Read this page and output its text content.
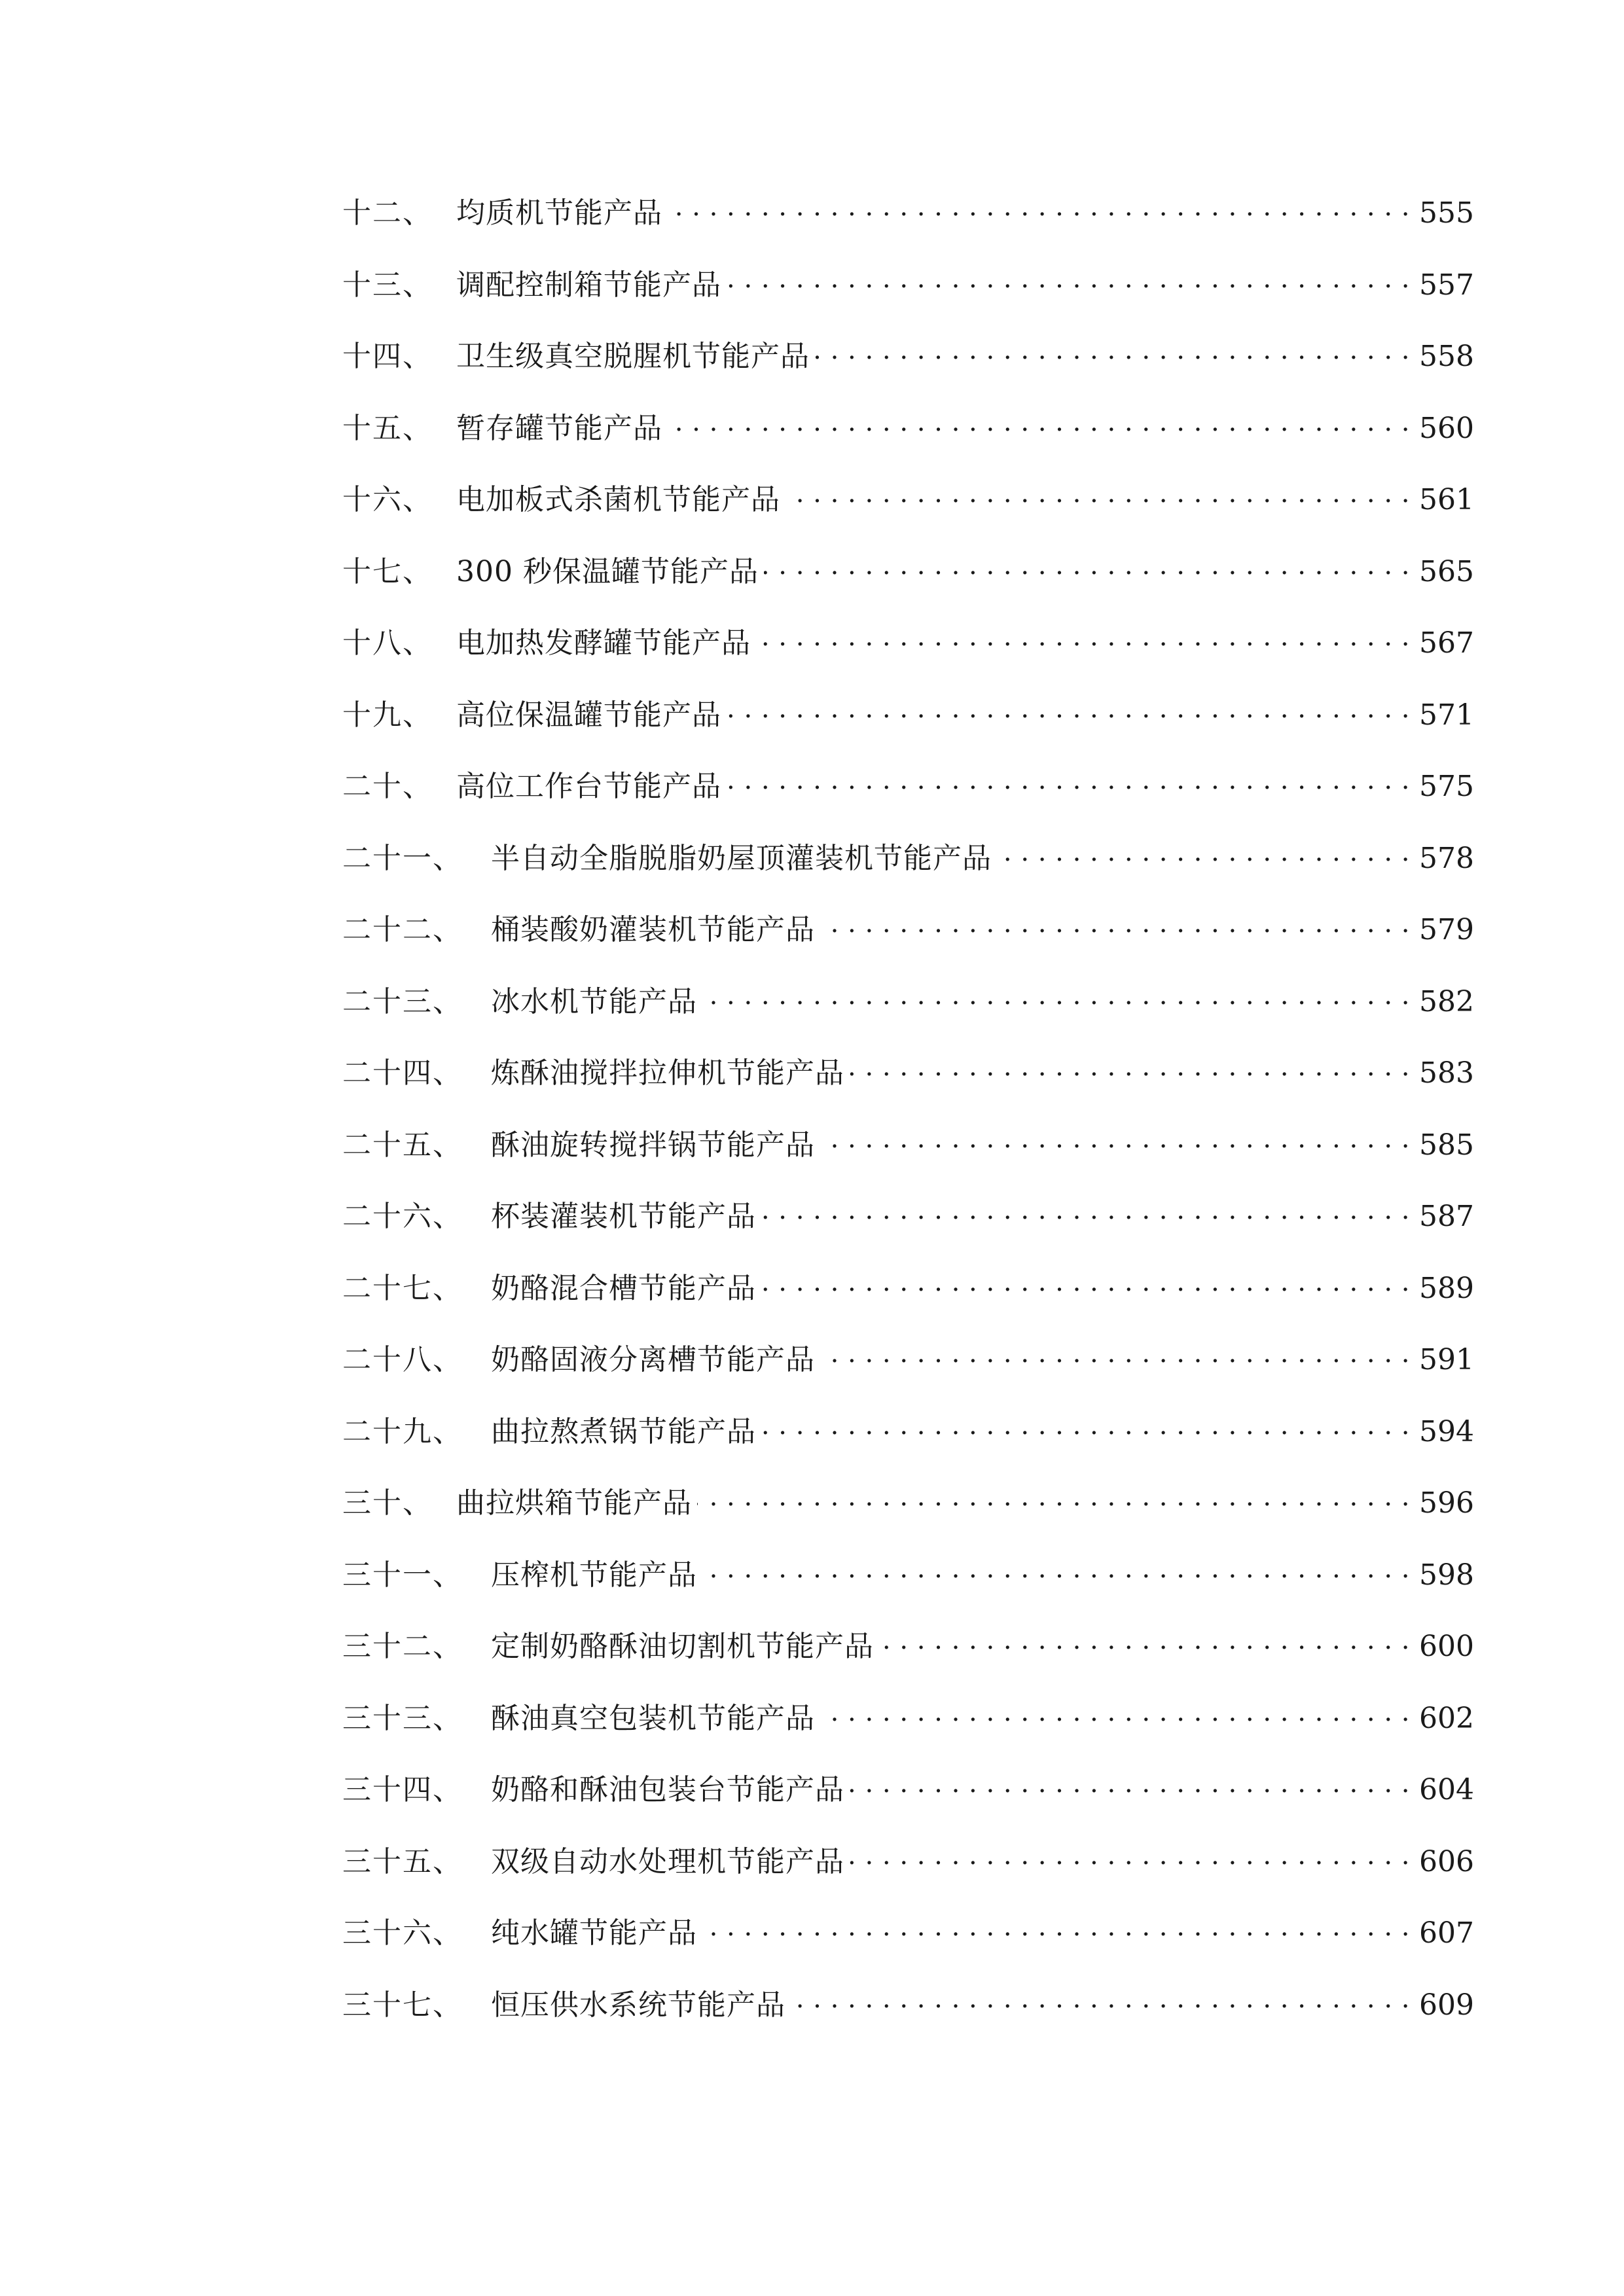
十二、 均质机节能产品 . . .	555
十三、 调配控制箱节能产品 . . .	557
十四、 卫生级真空脱腥机节能产品 . . .	558
十五、 暂存罐节能产品 . . .	560
十六、 电加板式杀菌机节能产品 . . .	561
十七、 300 秒保温罐节能产品 . . .	565
十八、 电加热发酵罐节能产品 . . .	567
十九、 高位保温罐节能产品 . . .	571
二十、 高位工作台节能产品 . . .	575
二十一、 半自动全脂脱脂奶屋顶灌装机节能产品 . . .	578
二十二、 桶装酸奶灌装机节能产品 . . .	579
二十三、 冰水机节能产品 . . .	582
二十四、 炼酥油搅拌拉伸机节能产品 . . .	583
二十五、 酥油旋转搅拌锅节能产品 . . .	585
二十六、 杯装灌装机节能产品 . . .	587
二十七、 奶酪混合槽节能产品 . . .	589
二十八、 奶酪固液分离槽节能产品 . . .	591
二十九、 曲拉熬煮锅节能产品 . . .	594
三十、 曲拉烘箱节能产品 . . .	596
三十一、 压榨机节能产品 . . .	598
三十二、 定制奶酪酥油切割机节能产品 . . .	600
三十三、 酥油真空包装机节能产品 . . .	602
三十四、 奶酪和酥油包装台节能产品 . . .	604
三十五、 双级自动水处理机节能产品 . . .	606
三十六、 纯水罐节能产品 . . .	607
三十七、 恒压供水系统节能产品 . . .	609
